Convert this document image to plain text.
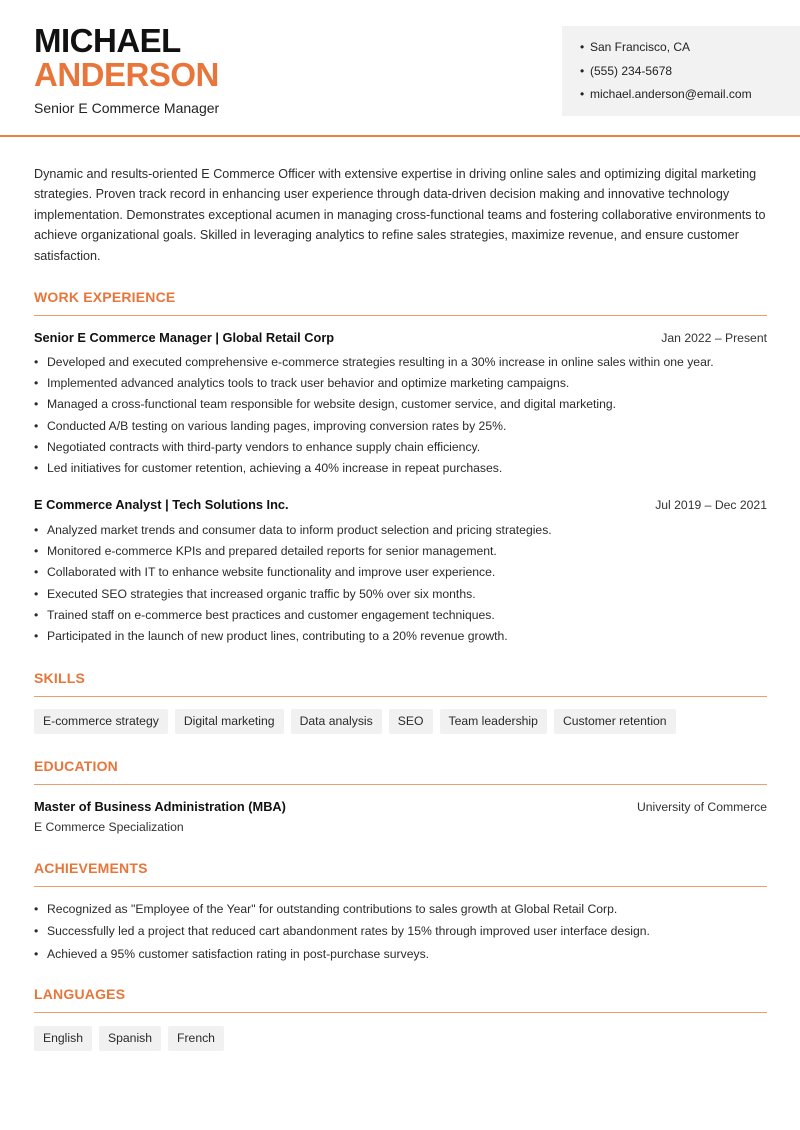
MICHAEL
ANDERSON
Senior E Commerce Manager
• San Francisco, CA
• (555) 234-5678
• michael.anderson@email.com
Dynamic and results-oriented E Commerce Officer with extensive expertise in driving online sales and optimizing digital marketing strategies. Proven track record in enhancing user experience through data-driven decision making and innovative technology implementation. Demonstrates exceptional acumen in managing cross-functional teams and fostering collaborative environments to achieve organizational goals. Skilled in leveraging analytics to refine sales strategies, maximize revenue, and ensure customer satisfaction.
WORK EXPERIENCE
Senior E Commerce Manager | Global Retail Corp	Jan 2022 – Present
• Developed and executed comprehensive e-commerce strategies resulting in a 30% increase in online sales within one year.
• Implemented advanced analytics tools to track user behavior and optimize marketing campaigns.
• Managed a cross-functional team responsible for website design, customer service, and digital marketing.
• Conducted A/B testing on various landing pages, improving conversion rates by 25%.
• Negotiated contracts with third-party vendors to enhance supply chain efficiency.
• Led initiatives for customer retention, achieving a 40% increase in repeat purchases.
E Commerce Analyst | Tech Solutions Inc.	Jul 2019 – Dec 2021
• Analyzed market trends and consumer data to inform product selection and pricing strategies.
• Monitored e-commerce KPIs and prepared detailed reports for senior management.
• Collaborated with IT to enhance website functionality and improve user experience.
• Executed SEO strategies that increased organic traffic by 50% over six months.
• Trained staff on e-commerce best practices and customer engagement techniques.
• Participated in the launch of new product lines, contributing to a 20% revenue growth.
SKILLS
E-commerce strategy	Digital marketing	Data analysis	SEO	Team leadership	Customer retention
EDUCATION
Master of Business Administration (MBA)	University of Commerce
E Commerce Specialization
ACHIEVEMENTS
• Recognized as "Employee of the Year" for outstanding contributions to sales growth at Global Retail Corp.
• Successfully led a project that reduced cart abandonment rates by 15% through improved user interface design.
• Achieved a 95% customer satisfaction rating in post-purchase surveys.
LANGUAGES
English	Spanish	French
